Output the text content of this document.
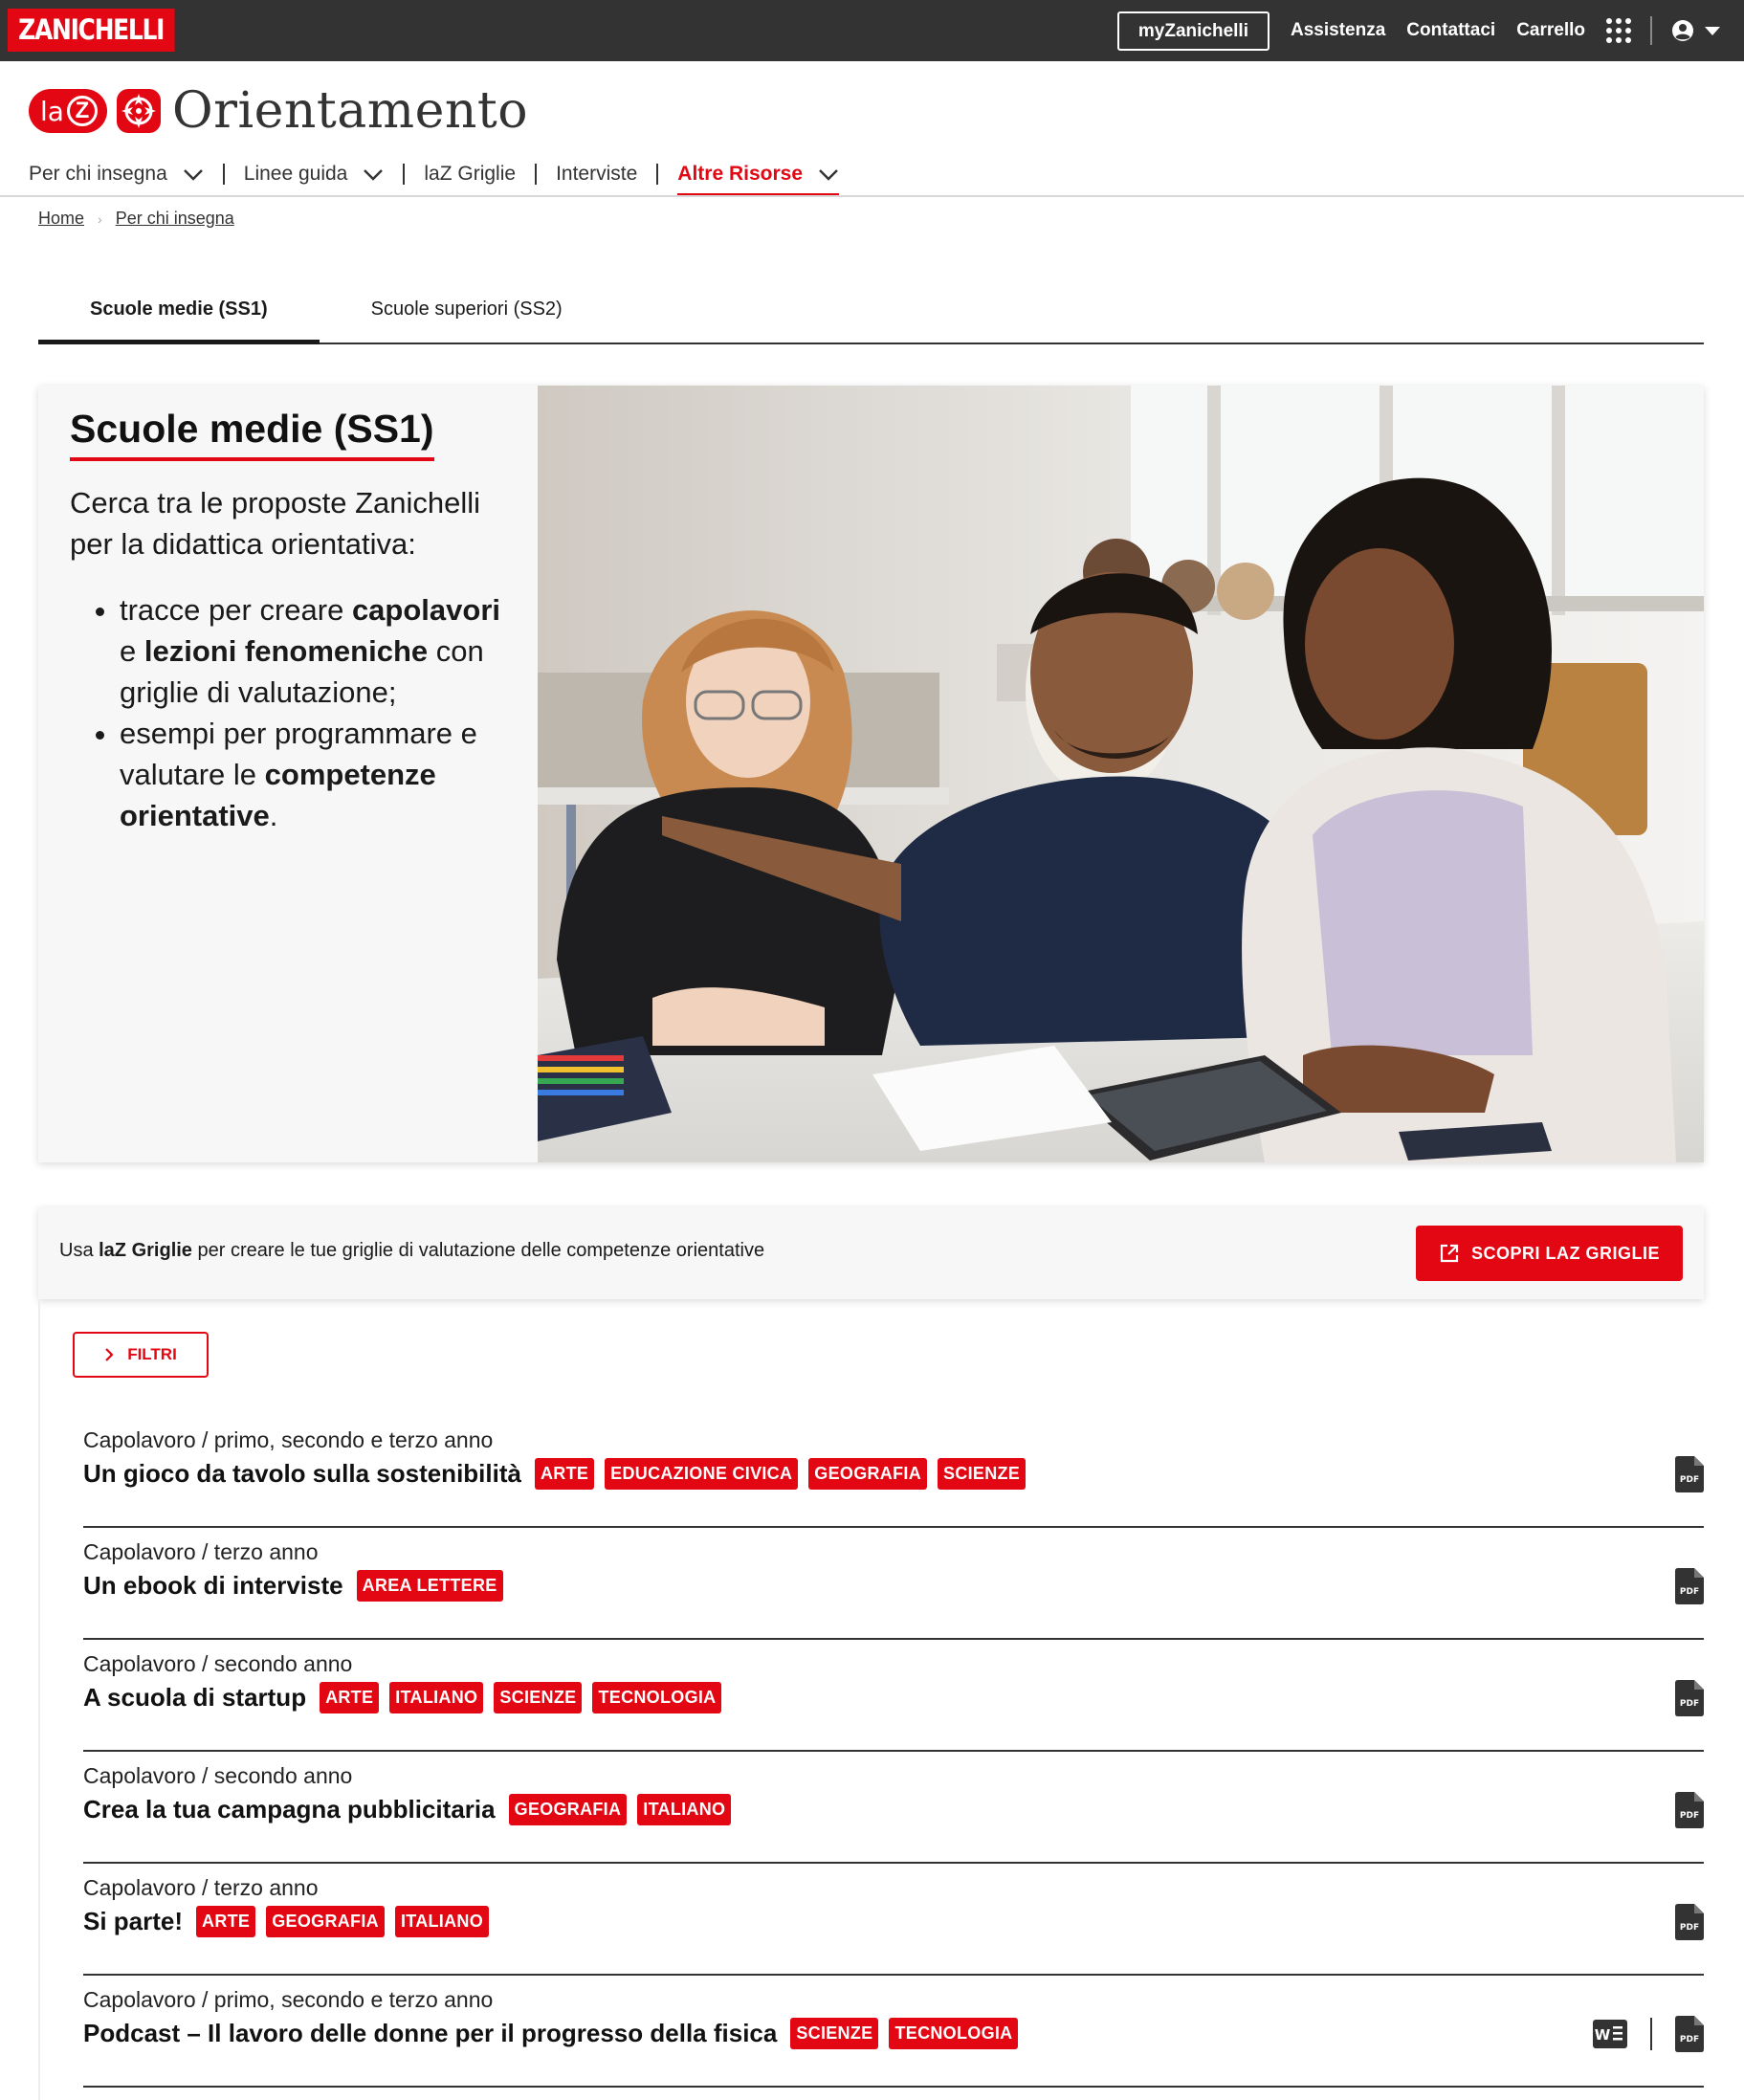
ZANICHELLI	myZanichelli	Assistenza Contattaci Carrello
la Z Orientamento
Per chi insegna	Linee guida	laZ Griglie Interviste Altre Risorse
Home › Per chi insegna
Scuole medie (SS1)	Scuole superiori (SS2)
Scuole medie (SS1)

Cerca tra le proposte Zanichelli per la didattica orientativa:

• tracce per creare capolavori e lezioni fenomeniche con griglie di valutazione;
• esempi per programmare e valutare le competenze orientative.
Usa laZ Griglie per creare le tue griglie di valutazione delle competenze orientative	SCOPRI LAZ GRIGLIE
FILTRI
Capolavoro / primo, secondo e terzo anno
Un gioco da tavolo sulla sostenibilità	ARTE	EDUCAZIONE CIVICA	GEOGRAFIA	SCIENZE	PDF
Capolavoro / terzo anno
Un ebook di interviste	AREA LETTERE	PDF
Capolavoro / secondo anno
A scuola di startup	ARTE	ITALIANO	SCIENZE	TECNOLOGIA	PDF
Capolavoro / secondo anno
Crea la tua campagna pubblicitaria	GEOGRAFIA	ITALIANO	PDF
Capolavoro / terzo anno
Si parte!	ARTE	GEOGRAFIA	ITALIANO	PDF
Capolavoro / primo, secondo e terzo anno
Podcast – Il lavoro delle donne per il progresso della fisica	SCIENZE	TECNOLOGIA	W	PDF
